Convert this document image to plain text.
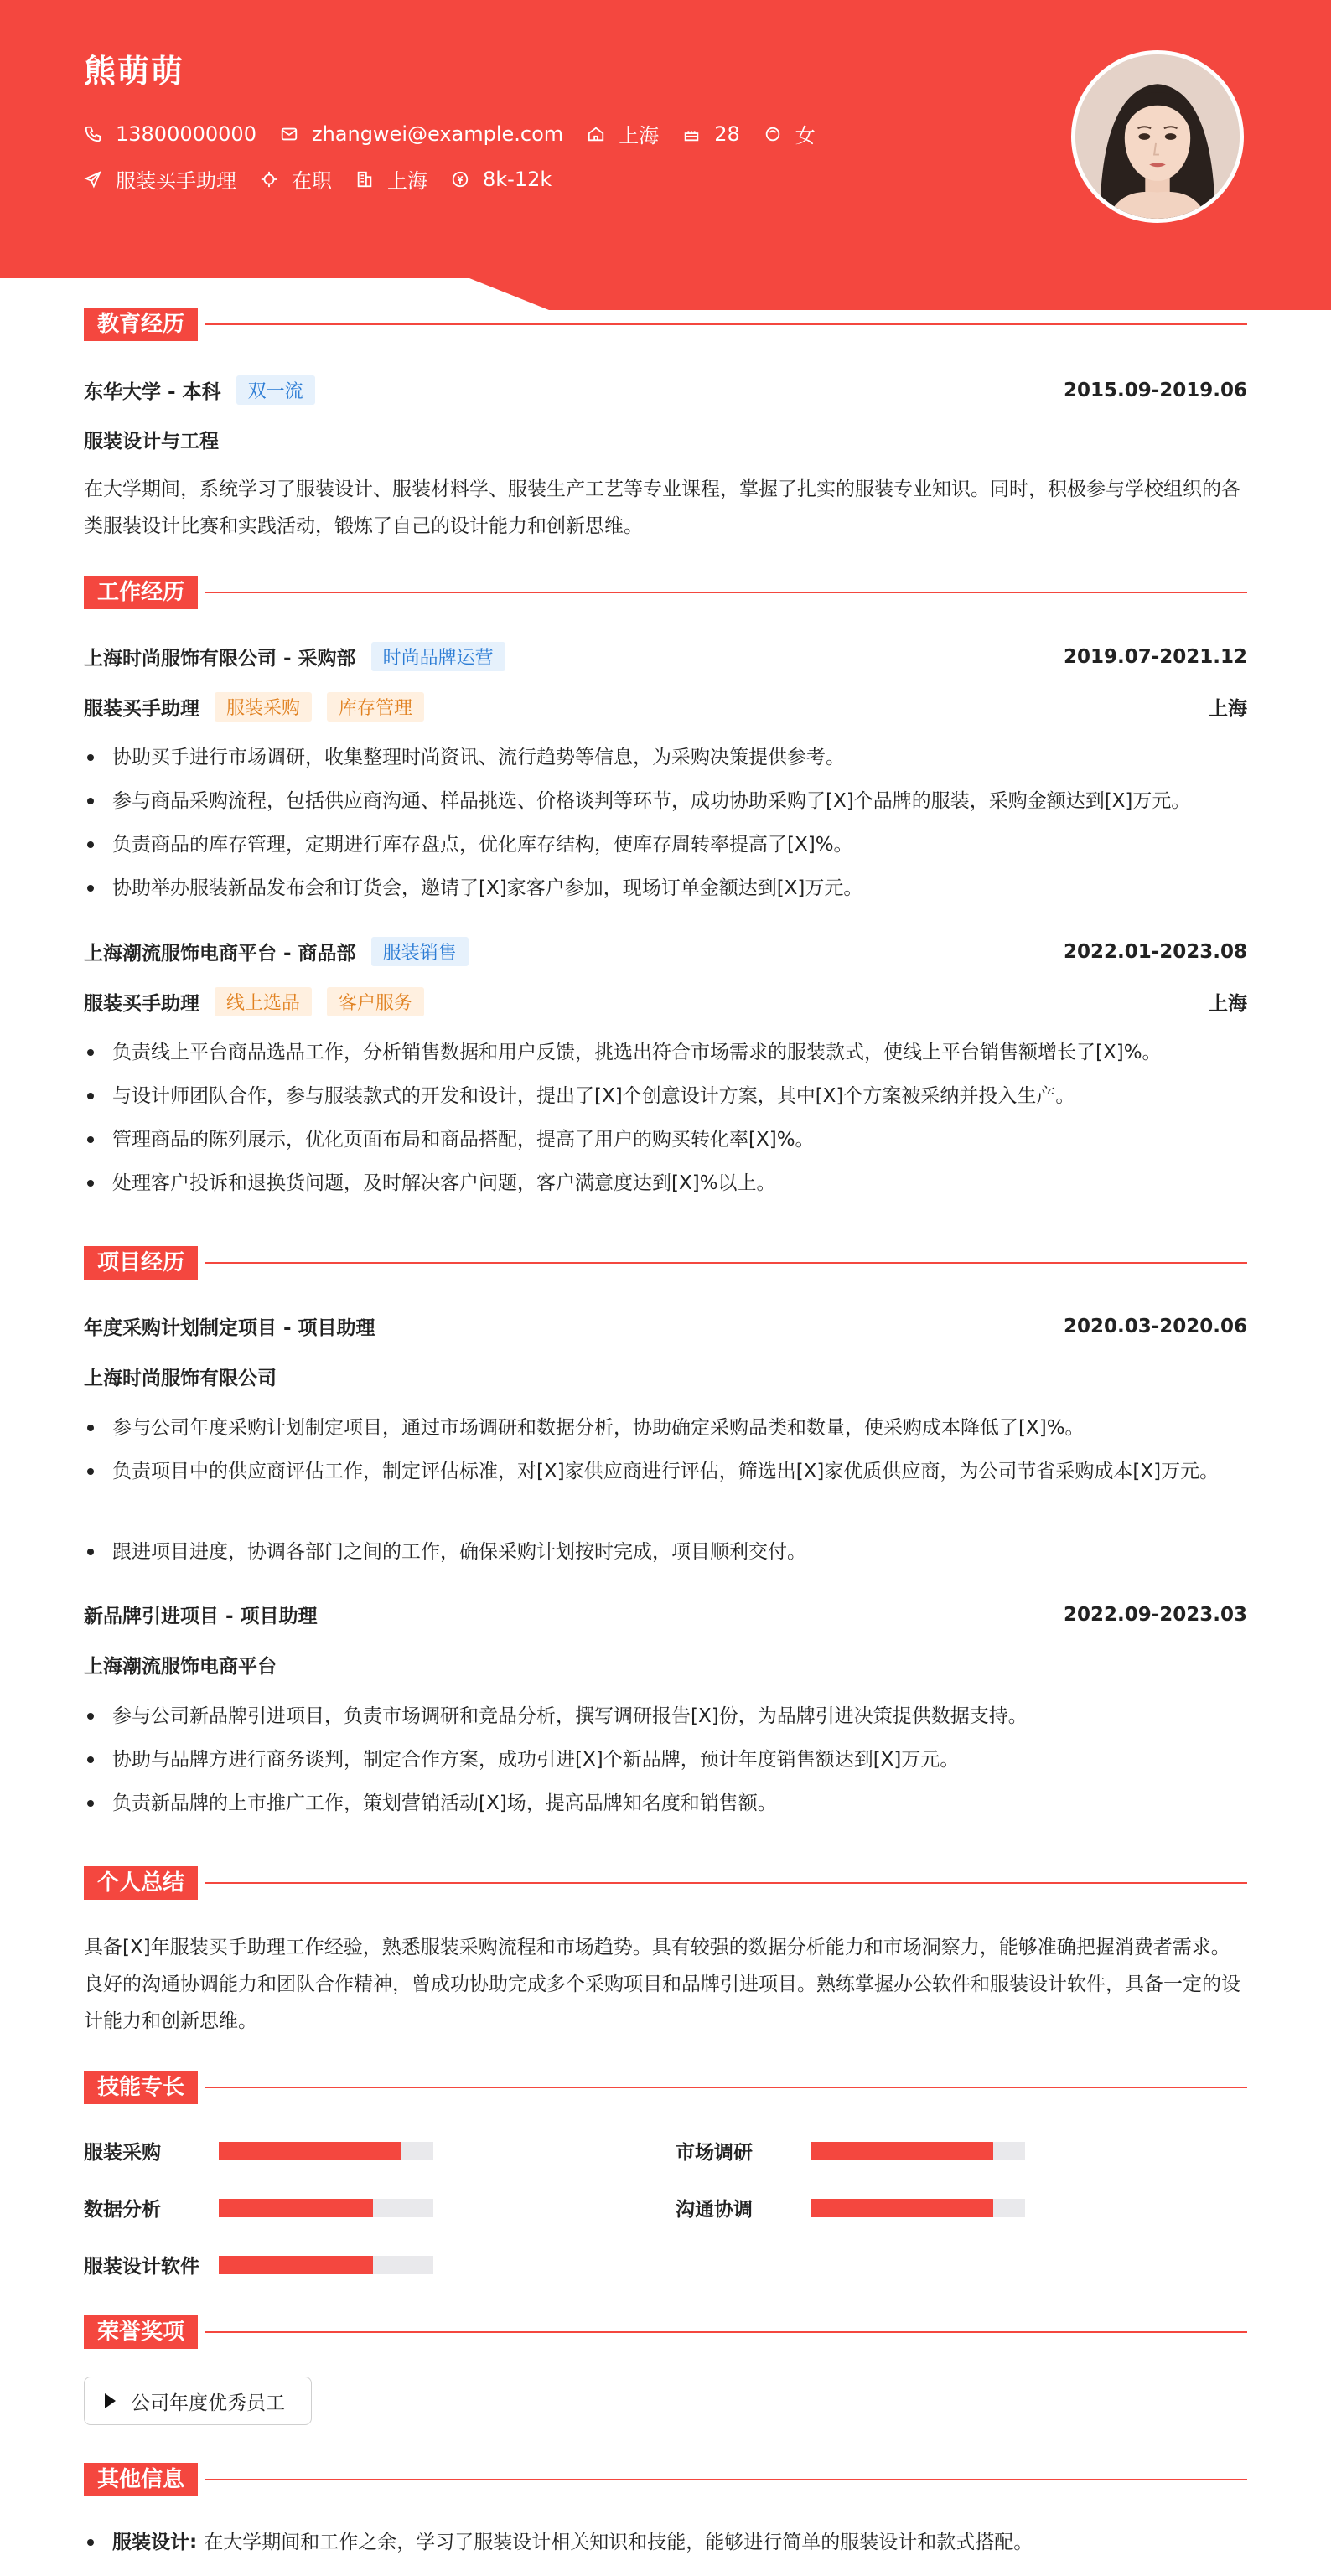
熊萌萌
13800000000	zhangwei@example.com	上海	28	女
服装买手助理	在职	上海	8k-12k
教育经历
东华大学 - 本科	双一流	2015.09-2019.06
服装设计与工程
在大学期间，系统学习了服装设计、服装材料学、服装生产工艺等专业课程，掌握了扎实的服装专业知识。同时，积极参与学校组织的各类服装设计比赛和实践活动，锻炼了自己的设计能力和创新思维。
工作经历
上海时尚服饰有限公司 - 采购部	时尚品牌运营	2019.07-2021.12
服装买手助理	服装采购	库存管理	上海
协助买手进行市场调研，收集整理时尚资讯、流行趋势等信息，为采购决策提供参考。
参与商品采购流程，包括供应商沟通、样品挑选、价格谈判等环节，成功协助采购了[X]个品牌的服装，采购金额达到[X]万元。
负责商品的库存管理，定期进行库存盘点，优化库存结构，使库存周转率提高了[X]%。
协助举办服装新品发布会和订货会，邀请了[X]家客户参加，现场订单金额达到[X]万元。
上海潮流服饰电商平台 - 商品部	服装销售	2022.01-2023.08
服装买手助理	线上选品	客户服务	上海
负责线上平台商品选品工作，分析销售数据和用户反馈，挑选出符合市场需求的服装款式，使线上平台销售额增长了[X]%。
与设计师团队合作，参与服装款式的开发和设计，提出了[X]个创意设计方案，其中[X]个方案被采纳并投入生产。
管理商品的陈列展示，优化页面布局和商品搭配，提高了用户的购买转化率[X]%。
处理客户投诉和退换货问题，及时解决客户问题，客户满意度达到[X]%以上。
项目经历
年度采购计划制定项目 - 项目助理	2020.03-2020.06
上海时尚服饰有限公司
参与公司年度采购计划制定项目，通过市场调研和数据分析，协助确定采购品类和数量，使采购成本降低了[X]%。
负责项目中的供应商评估工作，制定评估标准，对[X]家供应商进行评估，筛选出[X]家优质供应商，为公司节省采购成本[X]万元。
跟进项目进度，协调各部门之间的工作，确保采购计划按时完成，项目顺利交付。
新品牌引进项目 - 项目助理	2022.09-2023.03
上海潮流服饰电商平台
参与公司新品牌引进项目，负责市场调研和竞品分析，撰写调研报告[X]份，为品牌引进决策提供数据支持。
协助与品牌方进行商务谈判，制定合作方案，成功引进[X]个新品牌，预计年度销售额达到[X]万元。
负责新品牌的上市推广工作，策划营销活动[X]场，提高品牌知名度和销售额。
个人总结
具备[X]年服装买手助理工作经验，熟悉服装采购流程和市场趋势。具有较强的数据分析能力和市场洞察力，能够准确把握消费者需求。良好的沟通协调能力和团队合作精神，曾成功协助完成多个采购项目和品牌引进项目。熟练掌握办公软件和服装设计软件，具备一定的设计能力和创新思维。
技能专长
服装采购	市场调研
数据分析	沟通协调
服装设计软件
荣誉奖项
公司年度优秀员工
其他信息
服装设计: 在大学期间和工作之余，学习了服装设计相关知识和技能，能够进行简单的服装设计和款式搭配。
